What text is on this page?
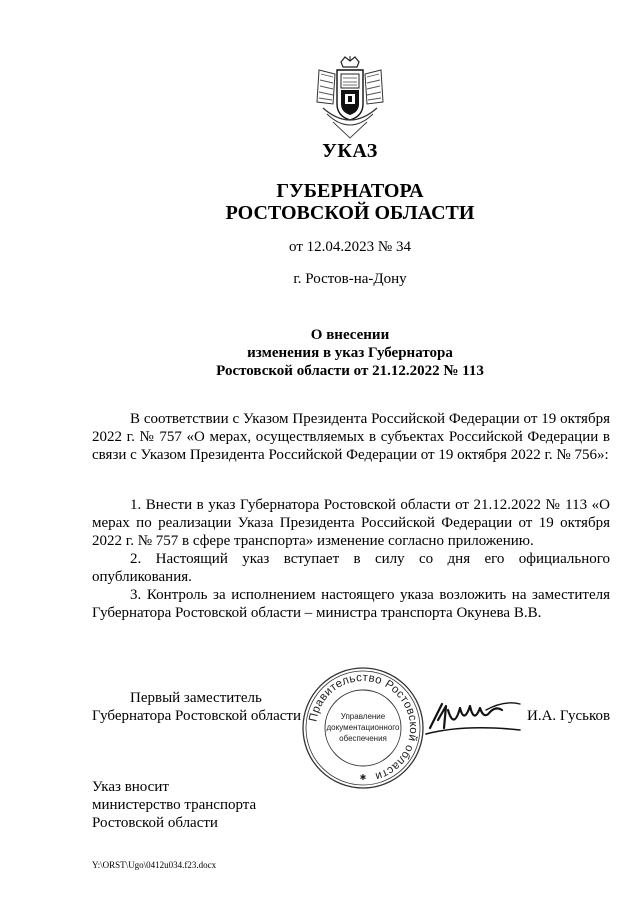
УКАЗ
ГУБЕРНАТОРА
РОСТОВСКОЙ ОБЛАСТИ
от 12.04.2023 № 34
г. Ростов-на-Дону
О внесении
изменения в указ Губернатора
Ростовской области от 21.12.2022 № 113
В соответствии с Указом Президента Российской Федерации от 19 октября 2022 г. № 757 «О мерах, осуществляемых в субъектах Российской Федерации в связи с Указом Президента Российской Федерации от 19 октября 2022 г. № 756»:

1. Внести в указ Губернатора Ростовской области от 21.12.2022 № 113 «О мерах по реализации Указа Президента Российской Федерации от 19 октября 2022 г. № 757 в сфере транспорта» изменение согласно приложению.

2. Настоящий указ вступает в силу со дня его официального опубликования.

3. Контроль за исполнением настоящего указа возложить на заместителя Губернатора Ростовской области – министра транспорта Окунева В.В.

Первый заместитель
Губернатора Ростовской области Правительство Ростовской области
Управление
документационного
обеспечения
✱
И.А. Гуськов
Указ вносит
министерство транспорта
Ростовской области
Y:\ORST\Ugo\0412u034.f23.docx
